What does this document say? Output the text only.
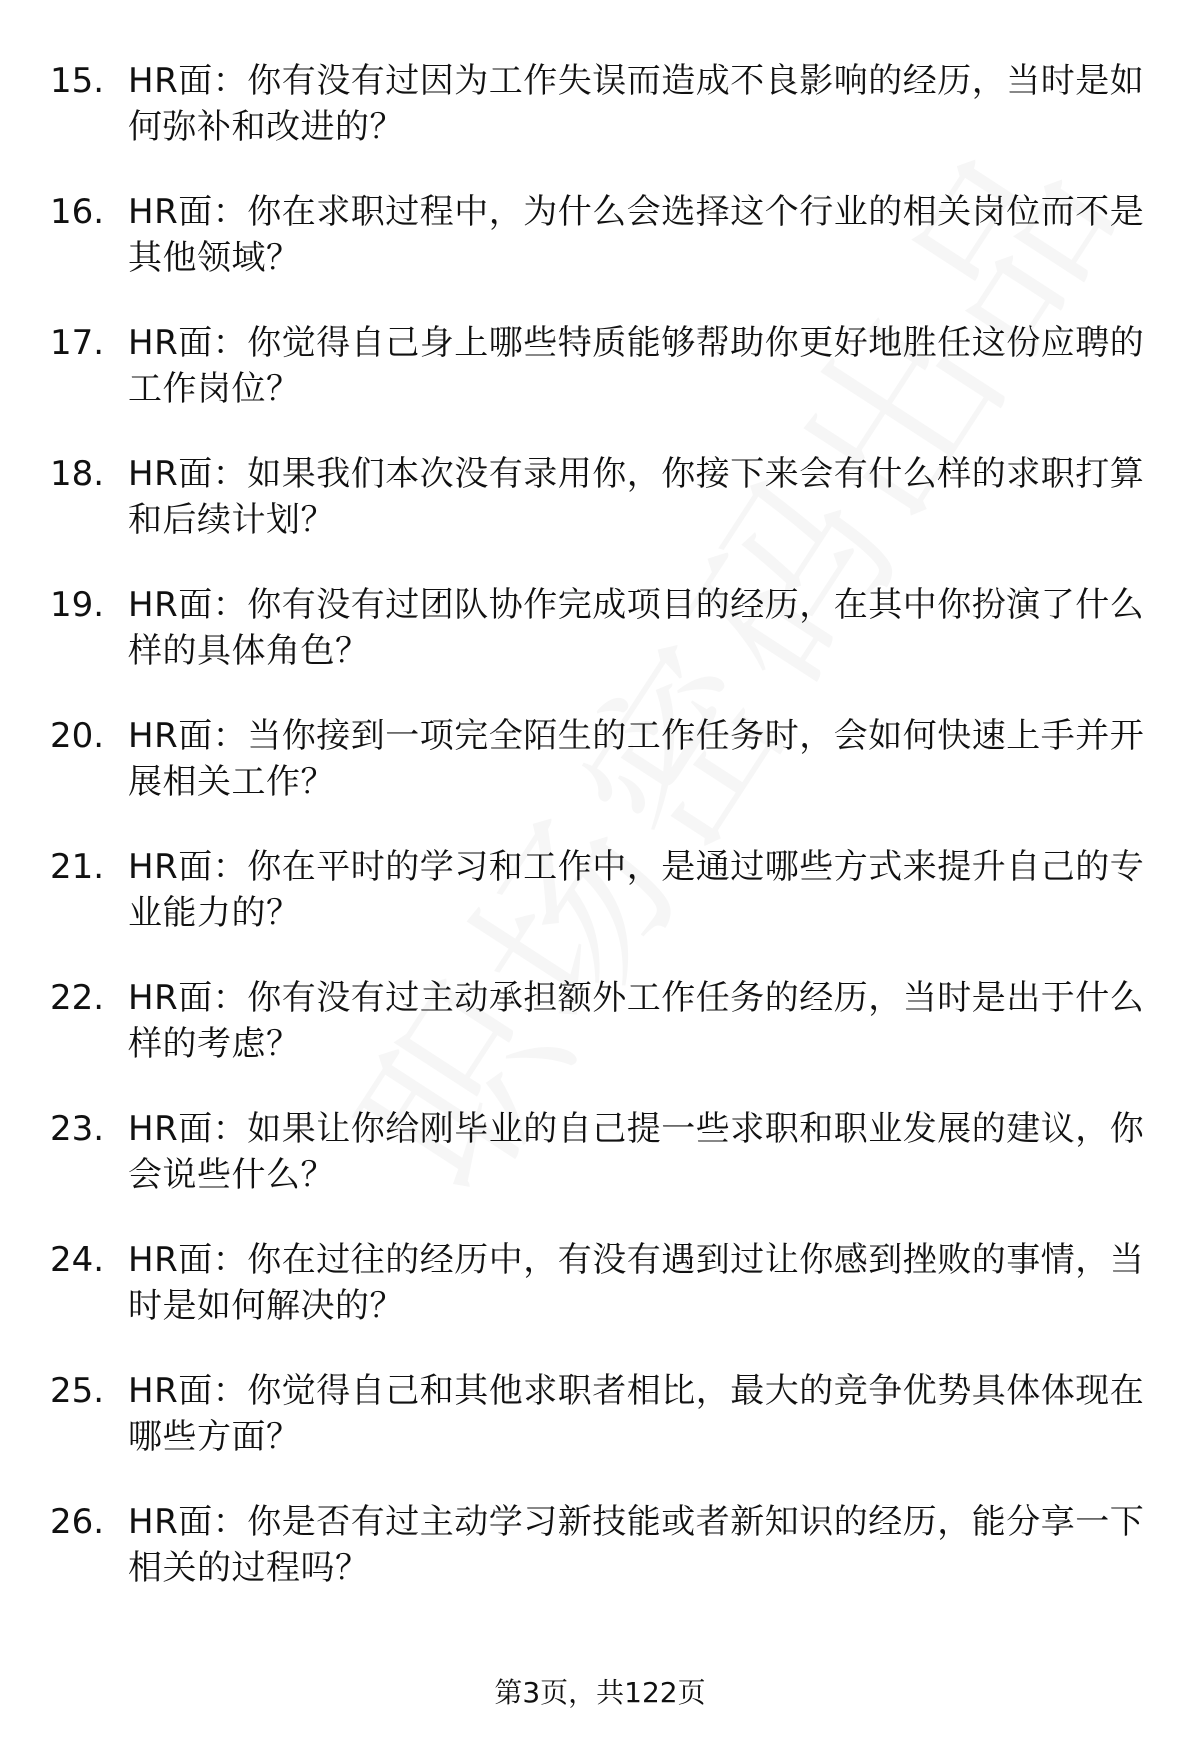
15. HR面：你有没有过因为工作失误而造成不良影响的经历，当时是如何弥补和改进的？
16. HR面：你在求职过程中，为什么会选择这个行业的相关岗位而不是其他领域？
17. HR面：你觉得自己身上哪些特质能够帮助你更好地胜任这份应聘的工作岗位？
18. HR面：如果我们本次没有录用你，你接下来会有什么样的求职打算和后续计划？
19. HR面：你有没有过团队协作完成项目的经历，在其中你扮演了什么样的具体角色？
20. HR面：当你接到一项完全陌生的工作任务时，会如何快速上手并开展相关工作？
21. HR面：你在平时的学习和工作中，是通过哪些方式来提升自己的专业能力的？
22. HR面：你有没有过主动承担额外工作任务的经历，当时是出于什么样的考虑？
23. HR面：如果让你给刚毕业的自己提一些求职和职业发展的建议，你会说些什么？
24. HR面：你在过往的经历中，有没有遇到过让你感到挫败的事情，当时是如何解决的？
25. HR面：你觉得自己和其他求职者相比，最大的竞争优势具体体现在哪些方面？
26. HR面：你是否有过主动学习新技能或者新知识的经历，能分享一下相关的过程吗？
第3页，共122页
